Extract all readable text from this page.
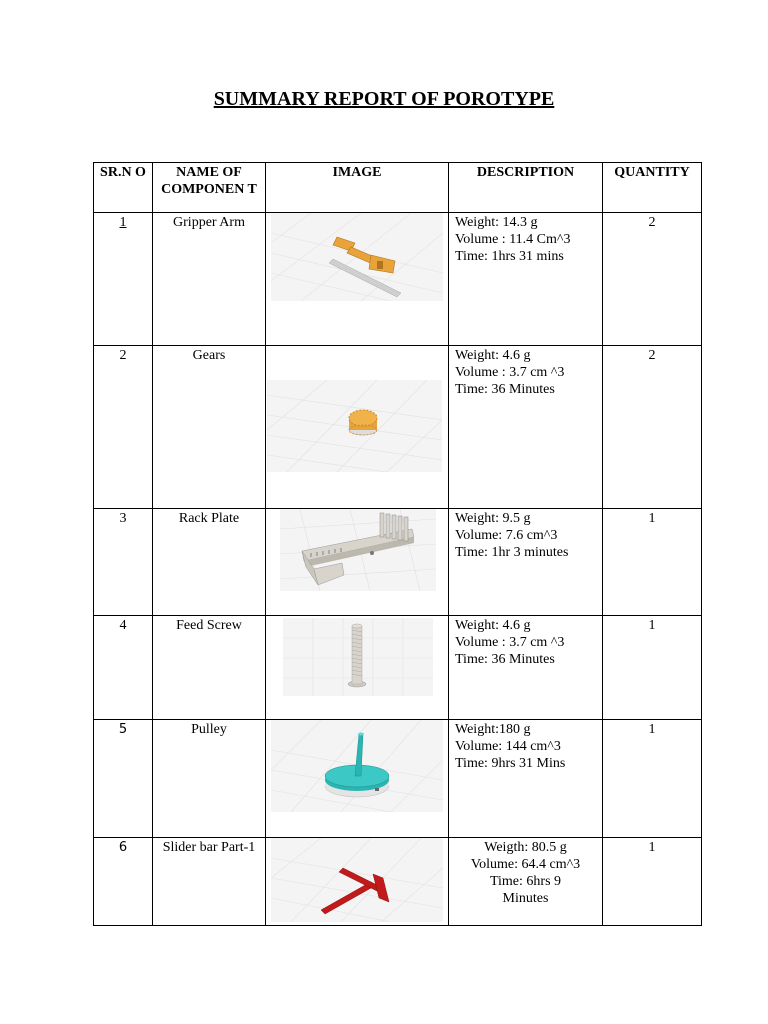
SUMMARY REPORT OF POROTYPE
SR.N O	NAME OF COMPONEN T	IMAGE	DESCRIPTION	QUANTITY
1	Gripper Arm		Weight: 14.3 g
Volume : 11.4 Cm^3
Time: 1hrs 31 mins	2
2	Gears		Weight: 4.6 g
Volume : 3.7 cm ^3
Time: 36 Minutes	2
3	Rack Plate		Weight: 9.5 g
Volume: 7.6 cm^3
Time: 1hr 3 minutes	1
4	Feed Screw		Weight: 4.6 g
Volume : 3.7 cm ^3
Time: 36 Minutes	1
5	Pulley		Weight:180 g
Volume: 144 cm^3
Time: 9hrs 31 Mins	1
6	Slider bar Part-1		Weigth: 80.5 g
Volume: 64.4 cm^3
Time: 6hrs 9 Minutes	1
